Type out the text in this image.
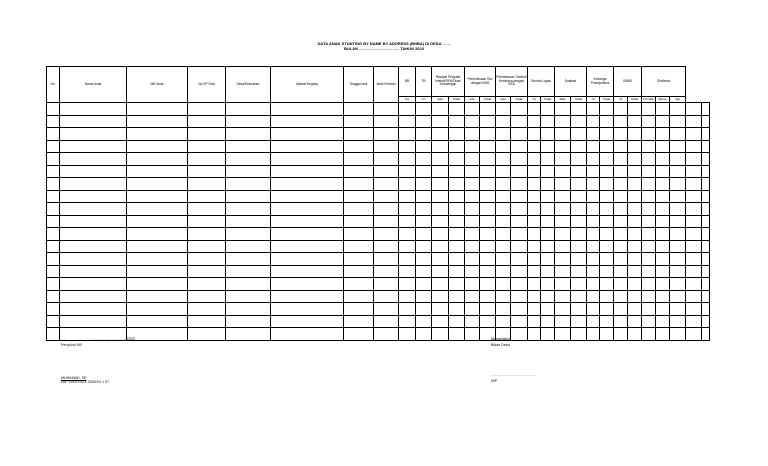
DATA ANAK STUNTING BY NAME BY ADDRESS (BNBA) DI DESA ……
BULAN ………………………… TAHUN 2023
No.	Nama Anak	NIK Anak	No KP Orta	Desa/Kelurahan	Alamat lengkap	Tanggal lahir	Jenis Kelamin	BB	TB	Riwayat Penyakit Infeksi/ISPA/Diare Kecacingan		Pemeriksaan Gizi dengan KMS		Pemantauan Tumbuh Kembang dengan KKA		Rumah Layak		Sanitasi		Keluarga Prasejahtera		BABS		Sinthesis				
								Kg	cm	Ada	Tidak	Ada	Tidak	Ada	Tidak	Ya	Tidak	Baik	Tidak	Ya	Tidak	Ya	Tidak	Pendek	Buruk	Sgt		

………………………….2023
Penyuluh KB
MUHAMAD, SE
NIP. 19XXXXXX 200XXX 1 07
Mengetahui,
Bidan Desa
……………………………….
NIP.
